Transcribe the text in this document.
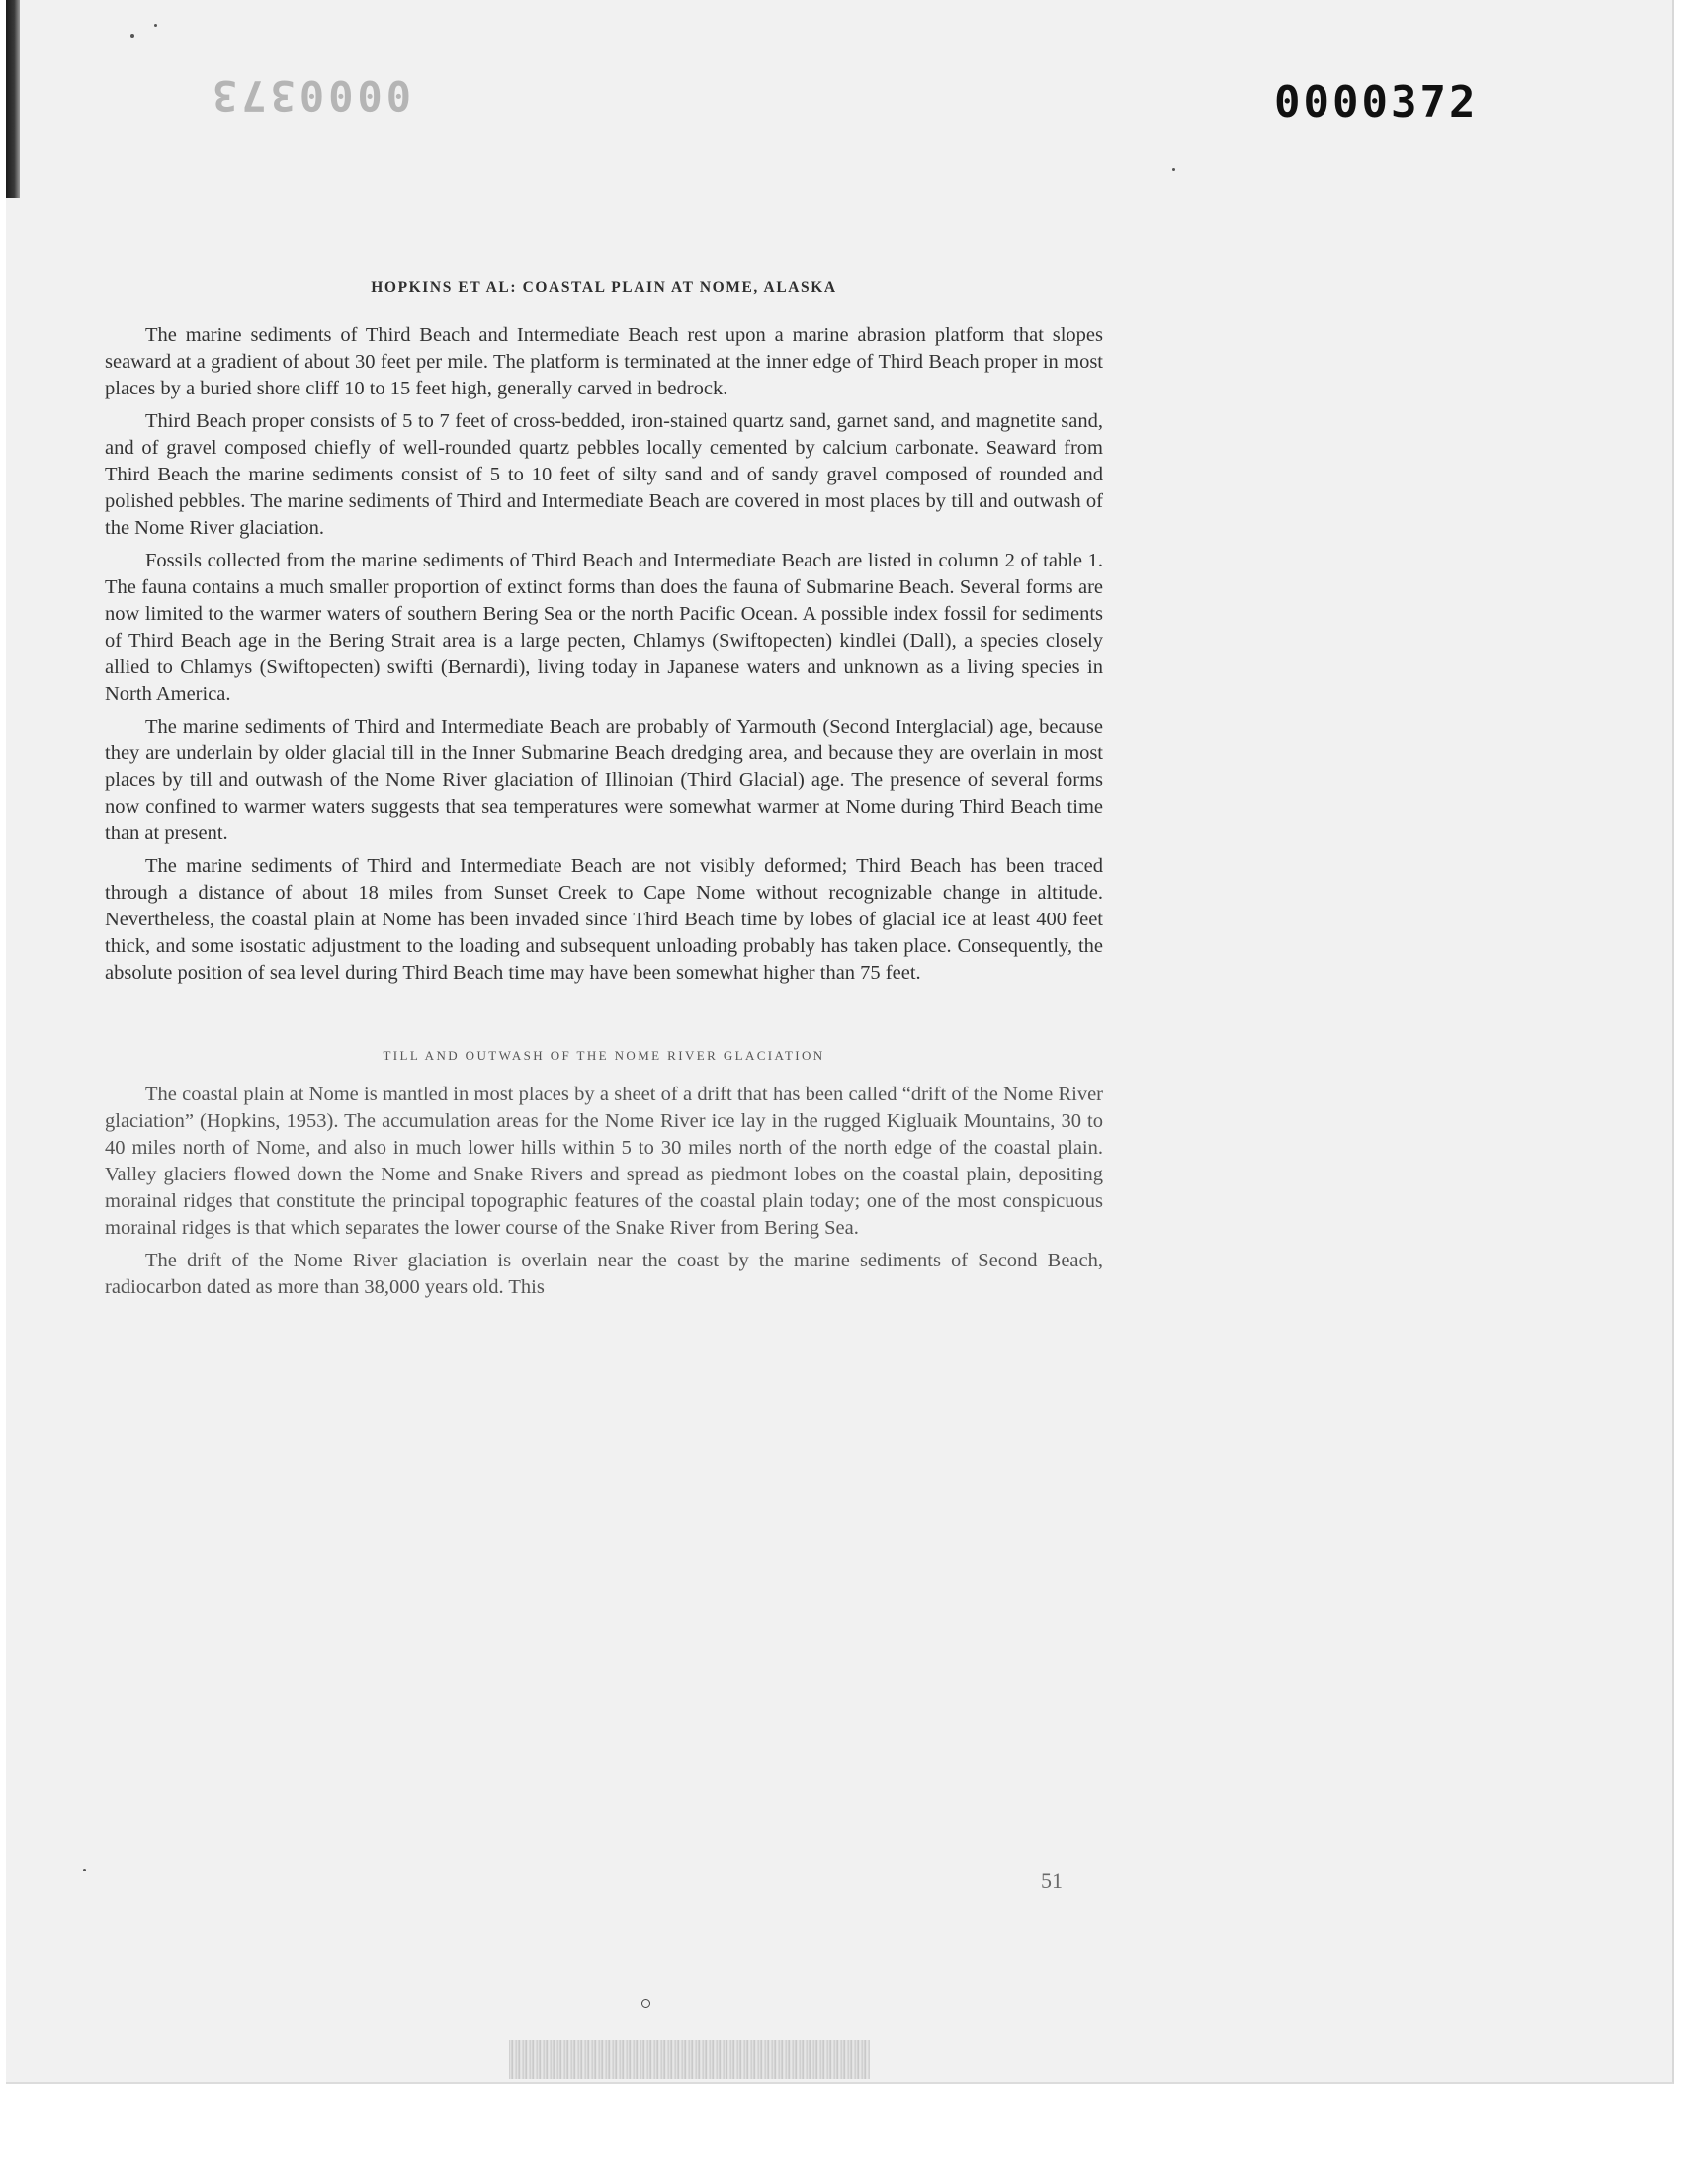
0000373	0000372
HOPKINS ET AL: COASTAL PLAIN AT NOME, ALASKA

The marine sediments of Third Beach and Intermediate Beach rest upon a marine abrasion platform that slopes seaward at a gradient of about 30 feet per mile. The platform is terminated at the inner edge of Third Beach proper in most places by a buried shore cliff 10 to 15 feet high, generally carved in bedrock.

Third Beach proper consists of 5 to 7 feet of cross-bedded, iron-stained quartz sand, garnet sand, and magnetite sand, and of gravel composed chiefly of well-rounded quartz pebbles locally cemented by calcium carbonate. Seaward from Third Beach the marine sediments consist of 5 to 10 feet of silty sand and of sandy gravel composed of rounded and polished pebbles. The marine sediments of Third and Intermediate Beach are covered in most places by till and outwash of the Nome River glaciation.

Fossils collected from the marine sediments of Third Beach and Intermediate Beach are listed in column 2 of table 1. The fauna contains a much smaller proportion of extinct forms than does the fauna of Submarine Beach. Several forms are now limited to the warmer waters of southern Bering Sea or the north Pacific Ocean. A possible index fossil for sediments of Third Beach age in the Bering Strait area is a large pecten, Chlamys (Swiftopecten) kindlei (Dall), a species closely allied to Chlamys (Swiftopecten) swifti (Bernardi), living today in Japanese waters and unknown as a living species in North America.

The marine sediments of Third and Intermediate Beach are probably of Yarmouth (Second Interglacial) age, because they are underlain by older glacial till in the Inner Submarine Beach dredging area, and because they are overlain in most places by till and outwash of the Nome River glaciation of Illinoian (Third Glacial) age. The presence of several forms now confined to warmer waters suggests that sea temperatures were somewhat warmer at Nome during Third Beach time than at present.

The marine sediments of Third and Intermediate Beach are not visibly deformed; Third Beach has been traced through a distance of about 18 miles from Sunset Creek to Cape Nome without recognizable change in altitude. Nevertheless, the coastal plain at Nome has been invaded since Third Beach time by lobes of glacial ice at least 400 feet thick, and some isostatic adjustment to the loading and subsequent unloading probably has taken place. Consequently, the absolute position of sea level during Third Beach time may have been somewhat higher than 75 feet.

TILL AND OUTWASH OF THE NOME RIVER GLACIATION

The coastal plain at Nome is mantled in most places by a sheet of a drift that has been called “drift of the Nome River glaciation” (Hopkins, 1953). The accumulation areas for the Nome River ice lay in the rugged Kigluaik Mountains, 30 to 40 miles north of Nome, and also in much lower hills within 5 to 30 miles north of the north edge of the coastal plain. Valley glaciers flowed down the Nome and Snake Rivers and spread as piedmont lobes on the coastal plain, depositing morainal ridges that constitute the principal topographic features of the coastal plain today; one of the most conspicuous morainal ridges is that which separates the lower course of the Snake River from Bering Sea.

The drift of the Nome River glaciation is overlain near the coast by the marine sediments of Second Beach, radiocarbon dated as more than 38,000 years old. This

51
